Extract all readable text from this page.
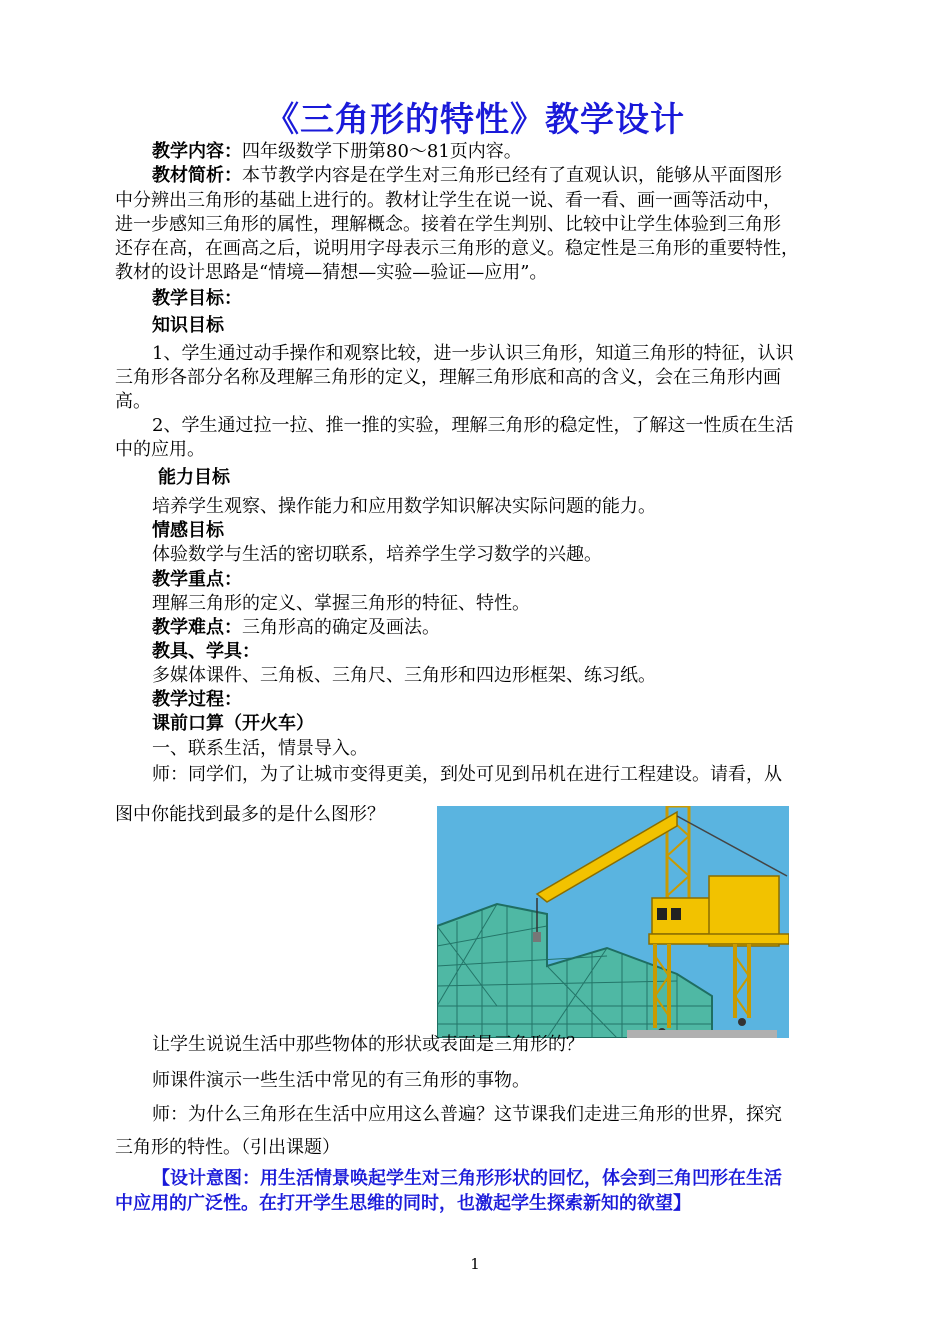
《三角形的特性》教学设计
教学内容：四年级数学下册第80～81页内容。
教材简析：本节教学内容是在学生对三角形已经有了直观认识，能够从平面图形
中分辨出三角形的基础上进行的。教材让学生在说一说、看一看、画一画等活动中，
进一步感知三角形的属性，理解概念。接着在学生判别、比较中让学生体验到三角形
还存在高，在画高之后，说明用字母表示三角形的意义。稳定性是三角形的重要特性，
教材的设计思路是“情境—猜想—实验—验证—应用”。
教学目标：
知识目标
1、学生通过动手操作和观察比较，进一步认识三角形，知道三角形的特征，认识
三角形各部分名称及理解三角形的定义，理解三角形底和高的含义，会在三角形内画
高。
2、学生通过拉一拉、推一推的实验，理解三角形的稳定性，了解这一性质在生活
中的应用。
能力目标
培养学生观察、操作能力和应用数学知识解决实际问题的能力。
情感目标
体验数学与生活的密切联系，培养学生学习数学的兴趣。
教学重点：
理解三角形的定义、掌握三角形的特征、特性。
教学难点：三角形高的确定及画法。
教具、学具：
多媒体课件、三角板、三角尺、三角形和四边形框架、练习纸。
教学过程：
课前口算（开火车）
一、联系生活，情景导入。
师：同学们，为了让城市变得更美，到处可见到吊机在进行工程建设。请看，从
图中你能找到最多的是什么图形？
让学生说说生活中那些物体的形状或表面是三角形的？
师课件演示一些生活中常见的有三角形的事物。
师：为什么三角形在生活中应用这么普遍？这节课我们走进三角形的世界，探究
三角形的特性。（引出课题）
【设计意图：用生活情景唤起学生对三角形形状的回忆，体会到三角凹形在生活
中应用的广泛性。在打开学生思维的同时，也激起学生探索新知的欲望】
1
